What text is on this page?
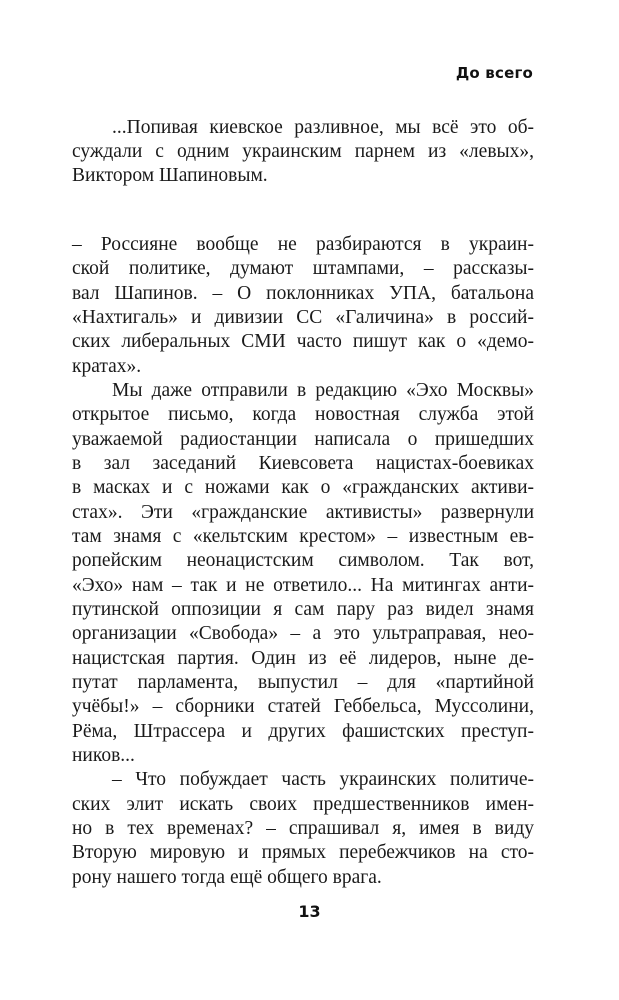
До всего
...Попивая киевское разливное, мы всё это об-
суждали с одним украинским парнем из «левых»,
Виктором Шапиновым.
– Россияне вообще не разбираются в украин-
ской политике, думают штампами, – рассказы-
вал Шапинов. – О поклонниках УПА, батальона
«Нахтигаль» и дивизии СС «Галичина» в россий-
ских либеральных СМИ часто пишут как о «демо-
кратах».
Мы даже отправили в редакцию «Эхо Москвы»
открытое письмо, когда новостная служба этой
уважаемой радиостанции написала о пришедших
в зал заседаний Киевсовета нацистах-боевиках
в масках и с ножами как о «гражданских активи-
стах». Эти «гражданские активисты» развернули
там знамя с «кельтским крестом» – известным ев-
ропейским неонацистским символом. Так вот,
«Эхо» нам – так и не ответило... На митингах анти-
путинской оппозиции я сам пару раз видел знамя
организации «Свобода» – а это ультраправая, нео-
нацистская партия. Один из её лидеров, ныне де-
путат парламента, выпустил – для «партийной
учёбы!» – сборники статей Геббельса, Муссолини,
Рёма, Штрассера и других фашистских преступ-
ников...
– Что побуждает часть украинских политиче-
ских элит искать своих предшественников имен-
но в тех временах? – спрашивал я, имея в виду
Вторую мировую и прямых перебежчиков на сто-
рону нашего тогда ещё общего врага.
13
